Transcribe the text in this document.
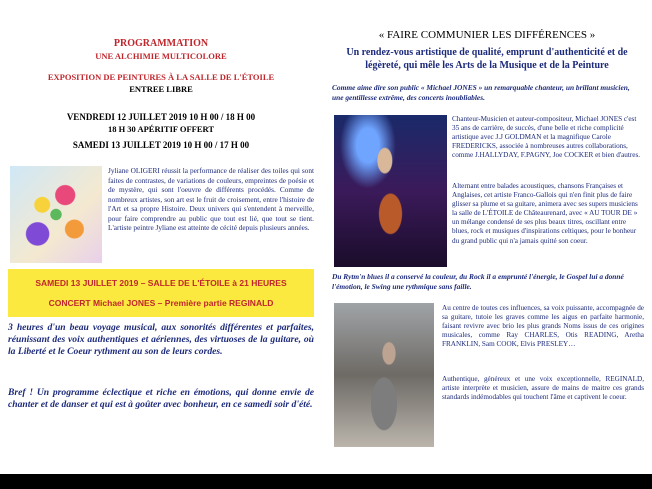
PROGRAMMATION

UNE ALCHIMIE MULTICOLORE

EXPOSITION DE PEINTURES À LA SALLE DE L'ÉTOILE

ENTREE LIBRE

VENDREDI 12 JUILLET 2019 10 H 00 / 18 H 00

18 H 30 APÉRITIF OFFERT

SAMEDI 13 JUILLET 2019 10 H 00 / 17 H 00

Jyliane OLIGERI réussit la performance de réaliser des toiles qui sont faites de contrastes, de variations de couleurs, empreintes de poésie et de mystère, qui sont l'oeuvre de différents procédés. Comme de nombreux artistes, son art est le fruit de croisement, entre l'histoire de l'Art et sa propre Histoire. Deux univers qui s'entendent à merveille, pour faire comprendre au public que tout est lié, que tout se tient. L'artiste peintre Jyliane est atteinte de cécité depuis plusieurs années.

SAMEDI 13 JUILLET 2019 – SALLE DE L'ÉTOILE à 21 HEURES

CONCERT Michael JONES – Première partie REGINALD

3 heures d'un beau voyage musical, aux sonorités différentes et parfaites, réunissant des voix authentiques et aériennes, des virtuoses de la guitare, où la Liberté et le Coeur rythment au son de leurs cordes.

Bref ! Un programme éclectique et riche en émotions, qui donne envie de chanter et de danser et qui est à goûter avec bonheur, en ce samedi soir d'été.

« FAIRE COMMUNIER LES DIFFÉRENCES »

Un rendez-vous artistique de qualité, emprunt d'authenticité et de légèreté, qui mêle les Arts de la Musique et de la Peinture

Comme aime dire son public « Michael JONES » un remarquable chanteur, un brillant musicien, une gentillesse extrême, des concerts inoubliables.

Chanteur-Musicien et auteur-compositeur, Michael JONES c'est 35 ans de carrière, de succès, d'une belle et riche complicité artistique avec J.J GOLDMAN et la magnifique Carole FREDERICKS, associée à nombreuses autres collaborations, comme J.HALLYDAY, F.PAGNY, Joe COCKER et bien d'autres.

Alternant entre balades acoustiques, chansons Françaises et Anglaises, cet artiste Franco-Gallois qui n'en finit plus de faire glisser sa plume et sa guitare, animera avec ses supers musiciens la salle de L'ÉTOILE de Châteaurenard, avec « AU TOUR DE » un mélange condensé de ses plus beaux titres, oscillant entre blues, rock et musiques d'inspirations celtiques, pour le bonheur du grand public qui n'a jamais quitté son coeur.

Du Rytm'n blues il a conservé la couleur, du Rock il a emprunté l'énergie, le Gospel lui a donné l'émotion, le Swing une rythmique sans faille.

Au centre de toutes ces influences, sa voix puissante, accompagnée de sa guitare, tutoie les graves comme les aigus en parfaite harmonie, faisant revivre avec brio les plus grands Noms issus de ces origines musicales, comme Ray CHARLES, Otis READING, Aretha FRANKLIN, Sam COOK, Elvis PRESLEY…

Authentique, généreux et une voix exceptionnelle, REGINALD, artiste interprète et musicien, assure de mains de maitre ces grands standards indémodables qui touchent l'âme et captivent le coeur.
